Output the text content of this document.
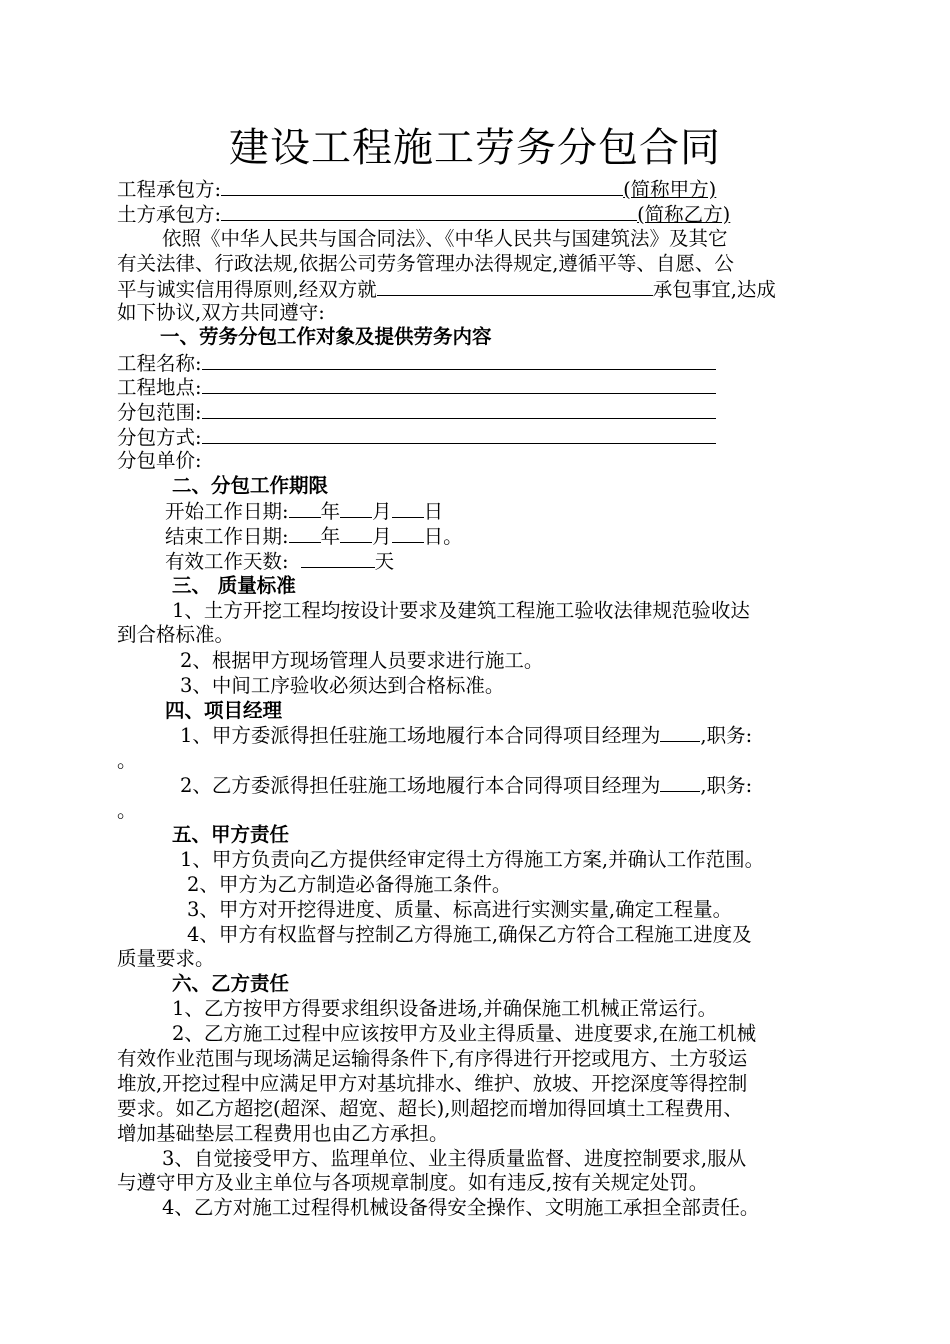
建设工程施工劳务分包合同
工程承包方:	(简称甲方)
土方承包方:	(简称乙方)
依照《中华人民共与国合同法》、《中华人民共与国建筑法》及其它
有关法律、行政法规,依据公司劳务管理办法得规定,遵循平等、自愿、公
平与诚实信用得原则,经双方就	承包事宜,达成
如下协议,双方共同遵守:
一、劳务分包工作对象及提供劳务内容
工程名称:
工程地点:
分包范围:
分包方式:
分包单价:
二、分包工作期限
开始工作日期: 年 月 日
结束工作日期: 年 月 日。
有效工作天数:	天
三、 质量标准
1、土方开挖工程均按设计要求及建筑工程施工验收法律规范验收达
到合格标准。
2、根据甲方现场管理人员要求进行施工。
3、中间工序验收必须达到合格标准。
四、项目经理
1、甲方委派得担任驻施工场地履行本合同得项目经理为 ,职务:
。
2、乙方委派得担任驻施工场地履行本合同得项目经理为 ,职务:
。
五、甲方责任
1、甲方负责向乙方提供经审定得土方得施工方案,并确认工作范围。
2、甲方为乙方制造必备得施工条件。
3、甲方对开挖得进度、质量、标高进行实测实量,确定工程量。
4、甲方有权监督与控制乙方得施工,确保乙方符合工程施工进度及
质量要求。
六、乙方责任
1、乙方按甲方得要求组织设备进场,并确保施工机械正常运行。
2、乙方施工过程中应该按甲方及业主得质量、进度要求,在施工机械
有效作业范围与现场满足运输得条件下,有序得进行开挖或甩方、土方驳运
堆放,开挖过程中应满足甲方对基坑排水、维护、放坡、开挖深度等得控制
要求。如乙方超挖(超深、超宽、超长),则超挖而增加得回填土工程费用、
增加基础垫层工程费用也由乙方承担。
3、自觉接受甲方、监理单位、业主得质量监督、进度控制要求,服从
与遵守甲方及业主单位与各项规章制度。如有违反,按有关规定处罚。
4、乙方对施工过程得机械设备得安全操作、文明施工承担全部责任。
